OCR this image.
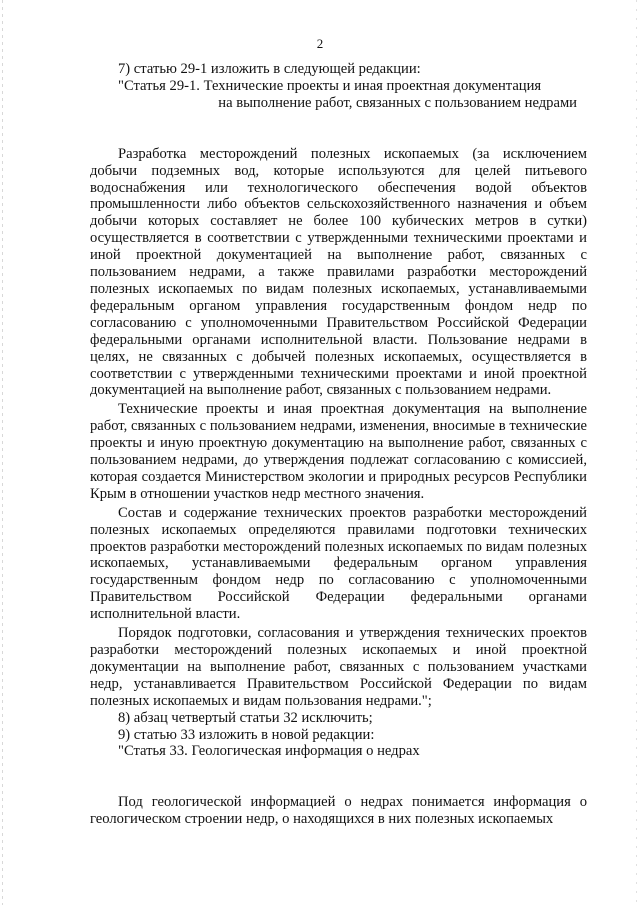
2

7) статью 29-1 изложить в следующей редакции:

"Статья 29-1. Технические проекты и иная проектная документация

на выполнение работ, связанных с пользованием недрами

Разработка месторождений полезных ископаемых (за исключением добычи подземных вод, которые используются для целей питьевого водоснабжения или технологического обеспечения водой объектов промышленности либо объектов сельскохозяйственного назначения и объем добычи которых составляет не более 100 кубических метров в сутки) осуществляется в соответствии с утвержденными техническими проектами и иной проектной документацией на выполнение работ, связанных с пользованием недрами, а также правилами разработки месторождений полезных ископаемых по видам полезных ископаемых, устанавливаемыми федеральным органом управления государственным фондом недр по согласованию с уполномоченными Правительством Российской Федерации федеральными органами исполнительной власти. Пользование недрами в целях, не связанных с добычей полезных ископаемых, осуществляется в соответствии с утвержденными техническими проектами и иной проектной документацией на выполнение работ, связанных с пользованием недрами.

Технические проекты и иная проектная документация на выполнение работ, связанных с пользованием недрами, изменения, вносимые в технические проекты и иную проектную документацию на выполнение работ, связанных с пользованием недрами, до утверждения подлежат согласованию с комиссией, которая создается Министерством экологии и природных ресурсов Республики Крым в отношении участков недр местного значения.

Состав и содержание технических проектов разработки месторождений полезных ископаемых определяются правилами подготовки технических проектов разработки месторождений полезных ископаемых по видам полезных ископаемых, устанавливаемыми федеральным органом управления государственным фондом недр по согласованию с уполномоченными Правительством Российской Федерации федеральными органами исполнительной власти.

Порядок подготовки, согласования и утверждения технических проектов разработки месторождений полезных ископаемых и иной проектной документации на выполнение работ, связанных с пользованием участками недр, устанавливается Правительством Российской Федерации по видам полезных ископаемых и видам пользования недрами.";

8) абзац четвертый статьи 32 исключить;

9) статью 33 изложить в новой редакции:

"Статья 33. Геологическая информация о недрах

Под геологической информацией о недрах понимается информация о геологическом строении недр, о находящихся в них полезных ископаемых
